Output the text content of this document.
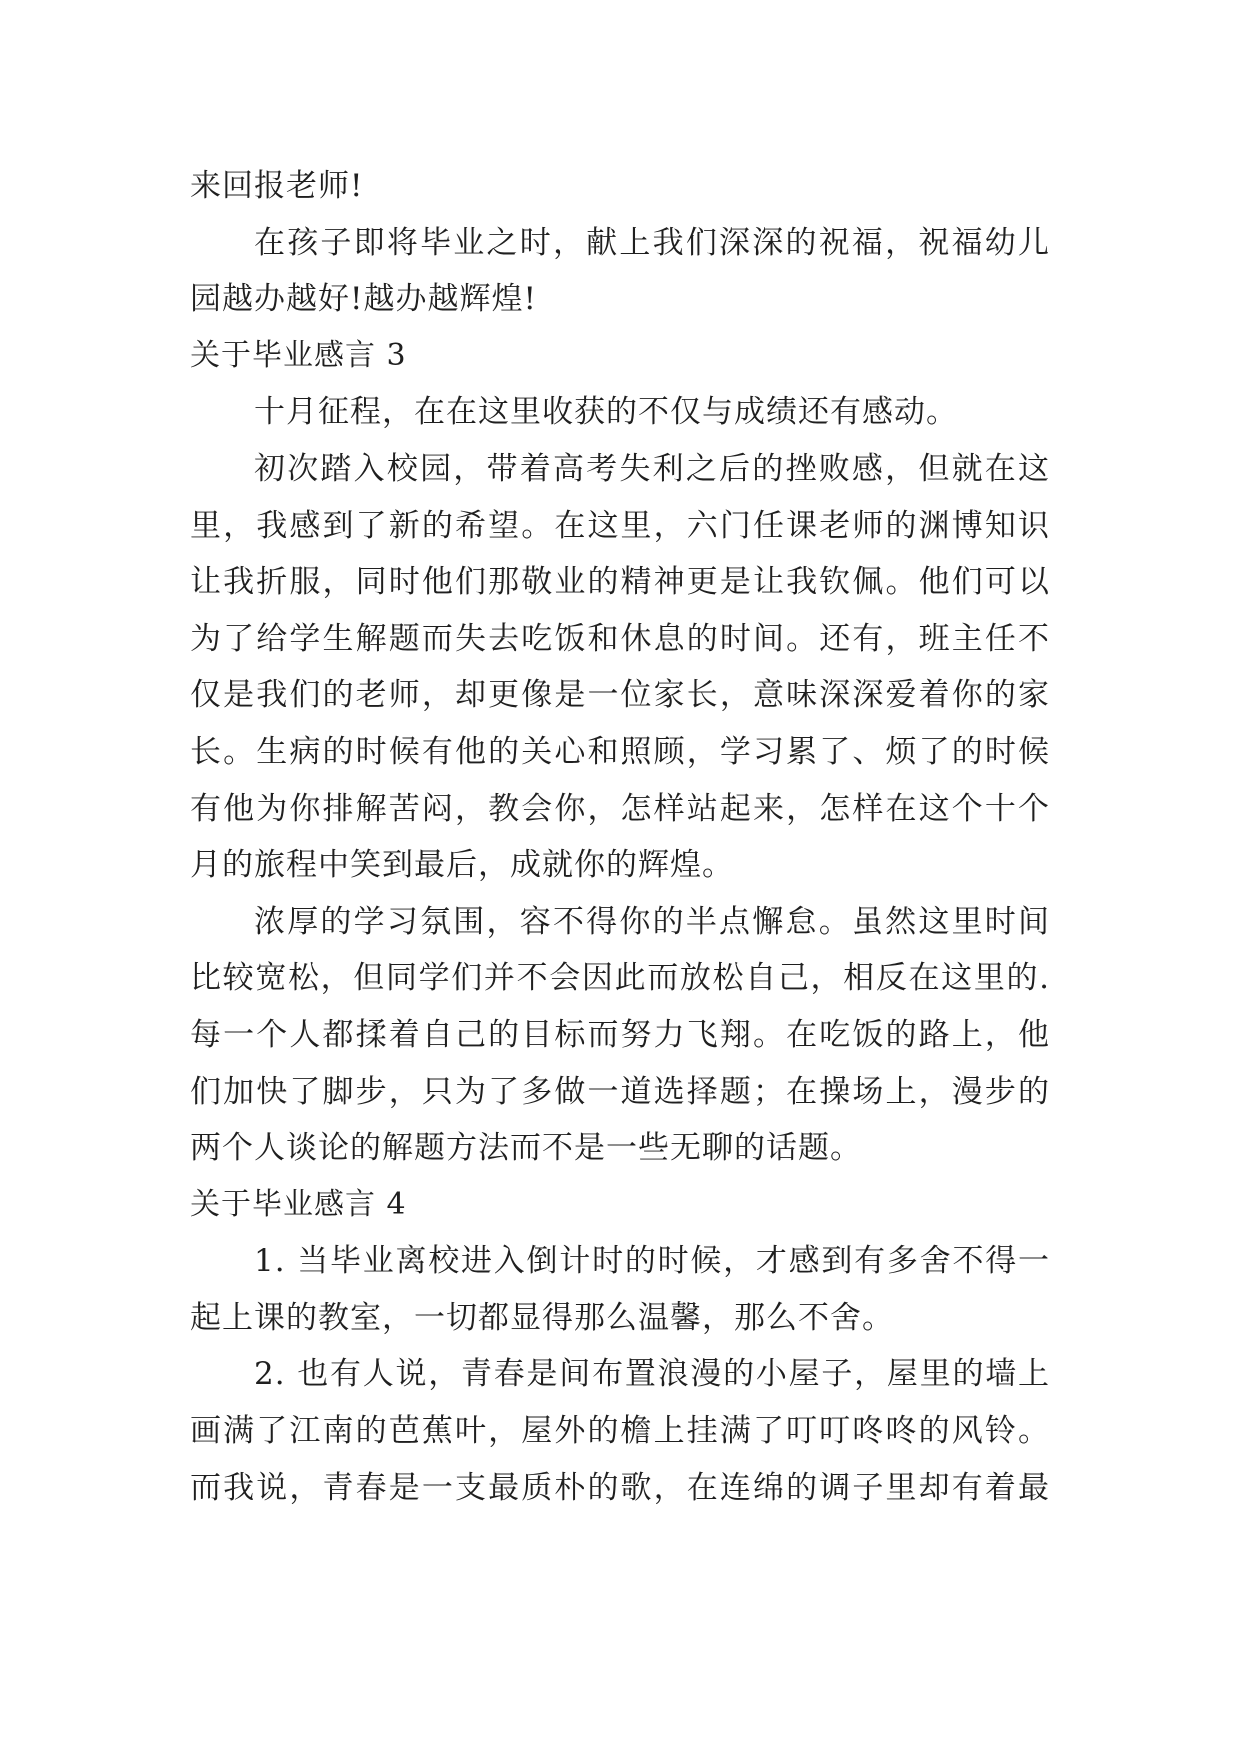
来回报老师!
在孩子即将毕业之时，献上我们深深的祝福，祝福幼儿
园越办越好!越办越辉煌!
关于毕业感言 3
十月征程，在在这里收获的不仅与成绩还有感动。
初次踏入校园，带着高考失利之后的挫败感，但就在这
里，我感到了新的希望。在这里，六门任课老师的渊博知识
让我折服，同时他们那敬业的精神更是让我钦佩。他们可以
为了给学生解题而失去吃饭和休息的时间。还有，班主任不
仅是我们的老师，却更像是一位家长，意味深深爱着你的家
长。生病的时候有他的关心和照顾，学习累了、烦了的时候
有他为你排解苦闷，教会你，怎样站起来，怎样在这个十个
月的旅程中笑到最后，成就你的辉煌。
浓厚的学习氛围，容不得你的半点懈怠。虽然这里时间
比较宽松，但同学们并不会因此而放松自己，相反在这里的.
每一个人都揉着自己的目标而努力飞翔。在吃饭的路上，他
们加快了脚步，只为了多做一道选择题；在操场上，漫步的
两个人谈论的解题方法而不是一些无聊的话题。
关于毕业感言 4
1. 当毕业离校进入倒计时的时候，才感到有多舍不得一
起上课的教室，一切都显得那么温馨，那么不舍。
2. 也有人说，青春是间布置浪漫的小屋子，屋里的墙上
画满了江南的芭蕉叶，屋外的檐上挂满了叮叮咚咚的风铃。
而我说，青春是一支最质朴的歌，在连绵的调子里却有着最
